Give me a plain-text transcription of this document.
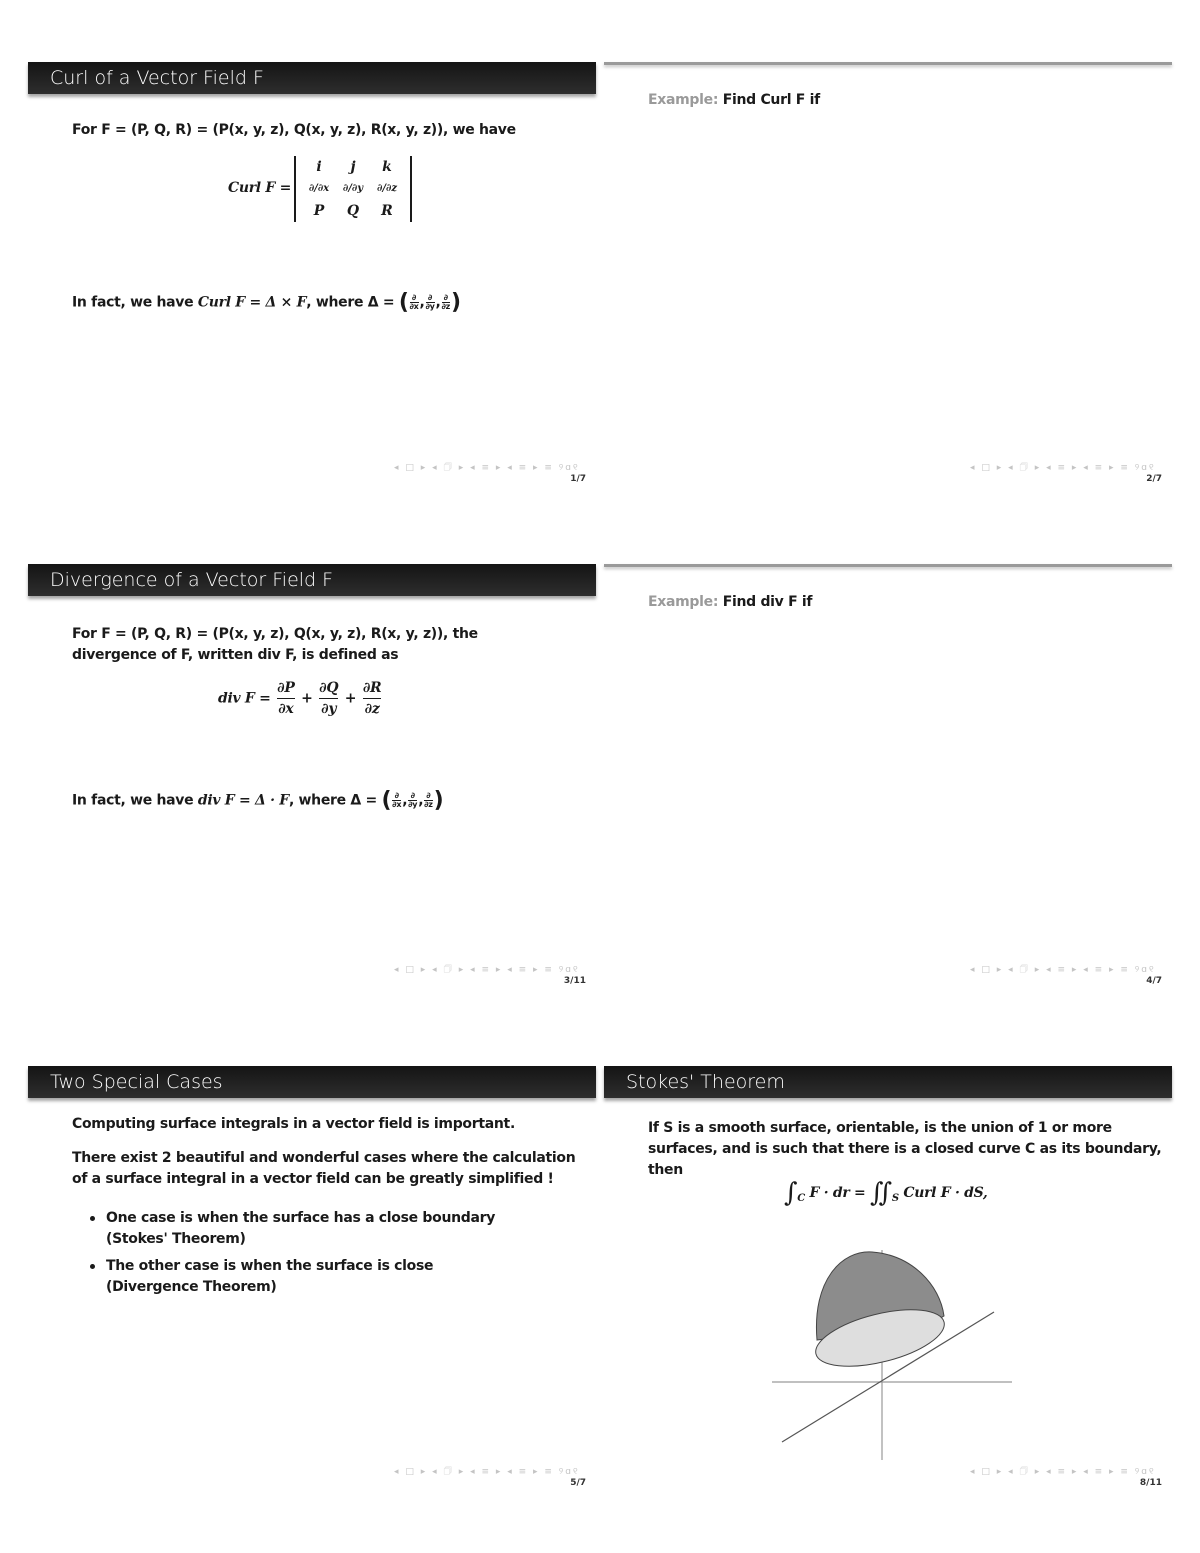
Curl of a Vector Field F
For F = (P, Q, R) = (P(x, y, z), Q(x, y, z), R(x, y, z)), we have
Curl F =
i	j	k
∂/∂x	∂/∂y	∂/∂z
P	Q	R
In fact, we have Curl F = Δ × F, where Δ = ( ∂
∂x , ∂
∂y , ∂
∂z )
◂ □ ▸ ◂ 🗇 ▸ ◂ ≡ ▸ ◂ ≡ ▸ ≡ ୨ɑ୧
1/7
Example: Find Curl F if
◂ □ ▸ ◂ 🗇 ▸ ◂ ≡ ▸ ◂ ≡ ▸ ≡ ୨ɑ୧
2/7
Divergence of a Vector Field F
For F = (P, Q, R) = (P(x, y, z), Q(x, y, z), R(x, y, z)), the
divergence of F, written div F, is defined as
div $F = \frac{\partial P}{\partial x} + \frac{\partial Q}{\partial y} + \frac{\partial R}{\partial z}$
In fact, we have div F = Δ · F, where Δ = ( ∂
∂x , ∂
∂y , ∂
∂z )
◂ □ ▸ ◂ 🗇 ▸ ◂ ≡ ▸ ◂ ≡ ▸ ≡ ୨ɑ୧
3/11
Example: Find div F if
◂ □ ▸ ◂ 🗇 ▸ ◂ ≡ ▸ ◂ ≡ ▸ ≡ ୨ɑ୧
4/7
Two Special Cases
Computing surface integrals in a vector field is important.
There exist 2 beautiful and wonderful cases where the calculation
of a surface integral in a vector field can be greatly simplified !
One case is when the surface has a close boundary
(Stokes' Theorem)
The other case is when the surface is close
(Divergence Theorem)
◂ □ ▸ ◂ 🗇 ▸ ◂ ≡ ▸ ◂ ≡ ▸ ≡ ୨ɑ୧
5/7
Stokes' Theorem
If S is a smooth surface, orientable, is the union of 1 or more
surfaces, and is such that there is a closed curve C as its boundary,
then
$\int_C$ F · dr = $∬_S$ Curl F · dS,
◂ □ ▸ ◂ 🗇 ▸ ◂ ≡ ▸ ◂ ≡ ▸ ≡ ୨ɑ୧
8/11
